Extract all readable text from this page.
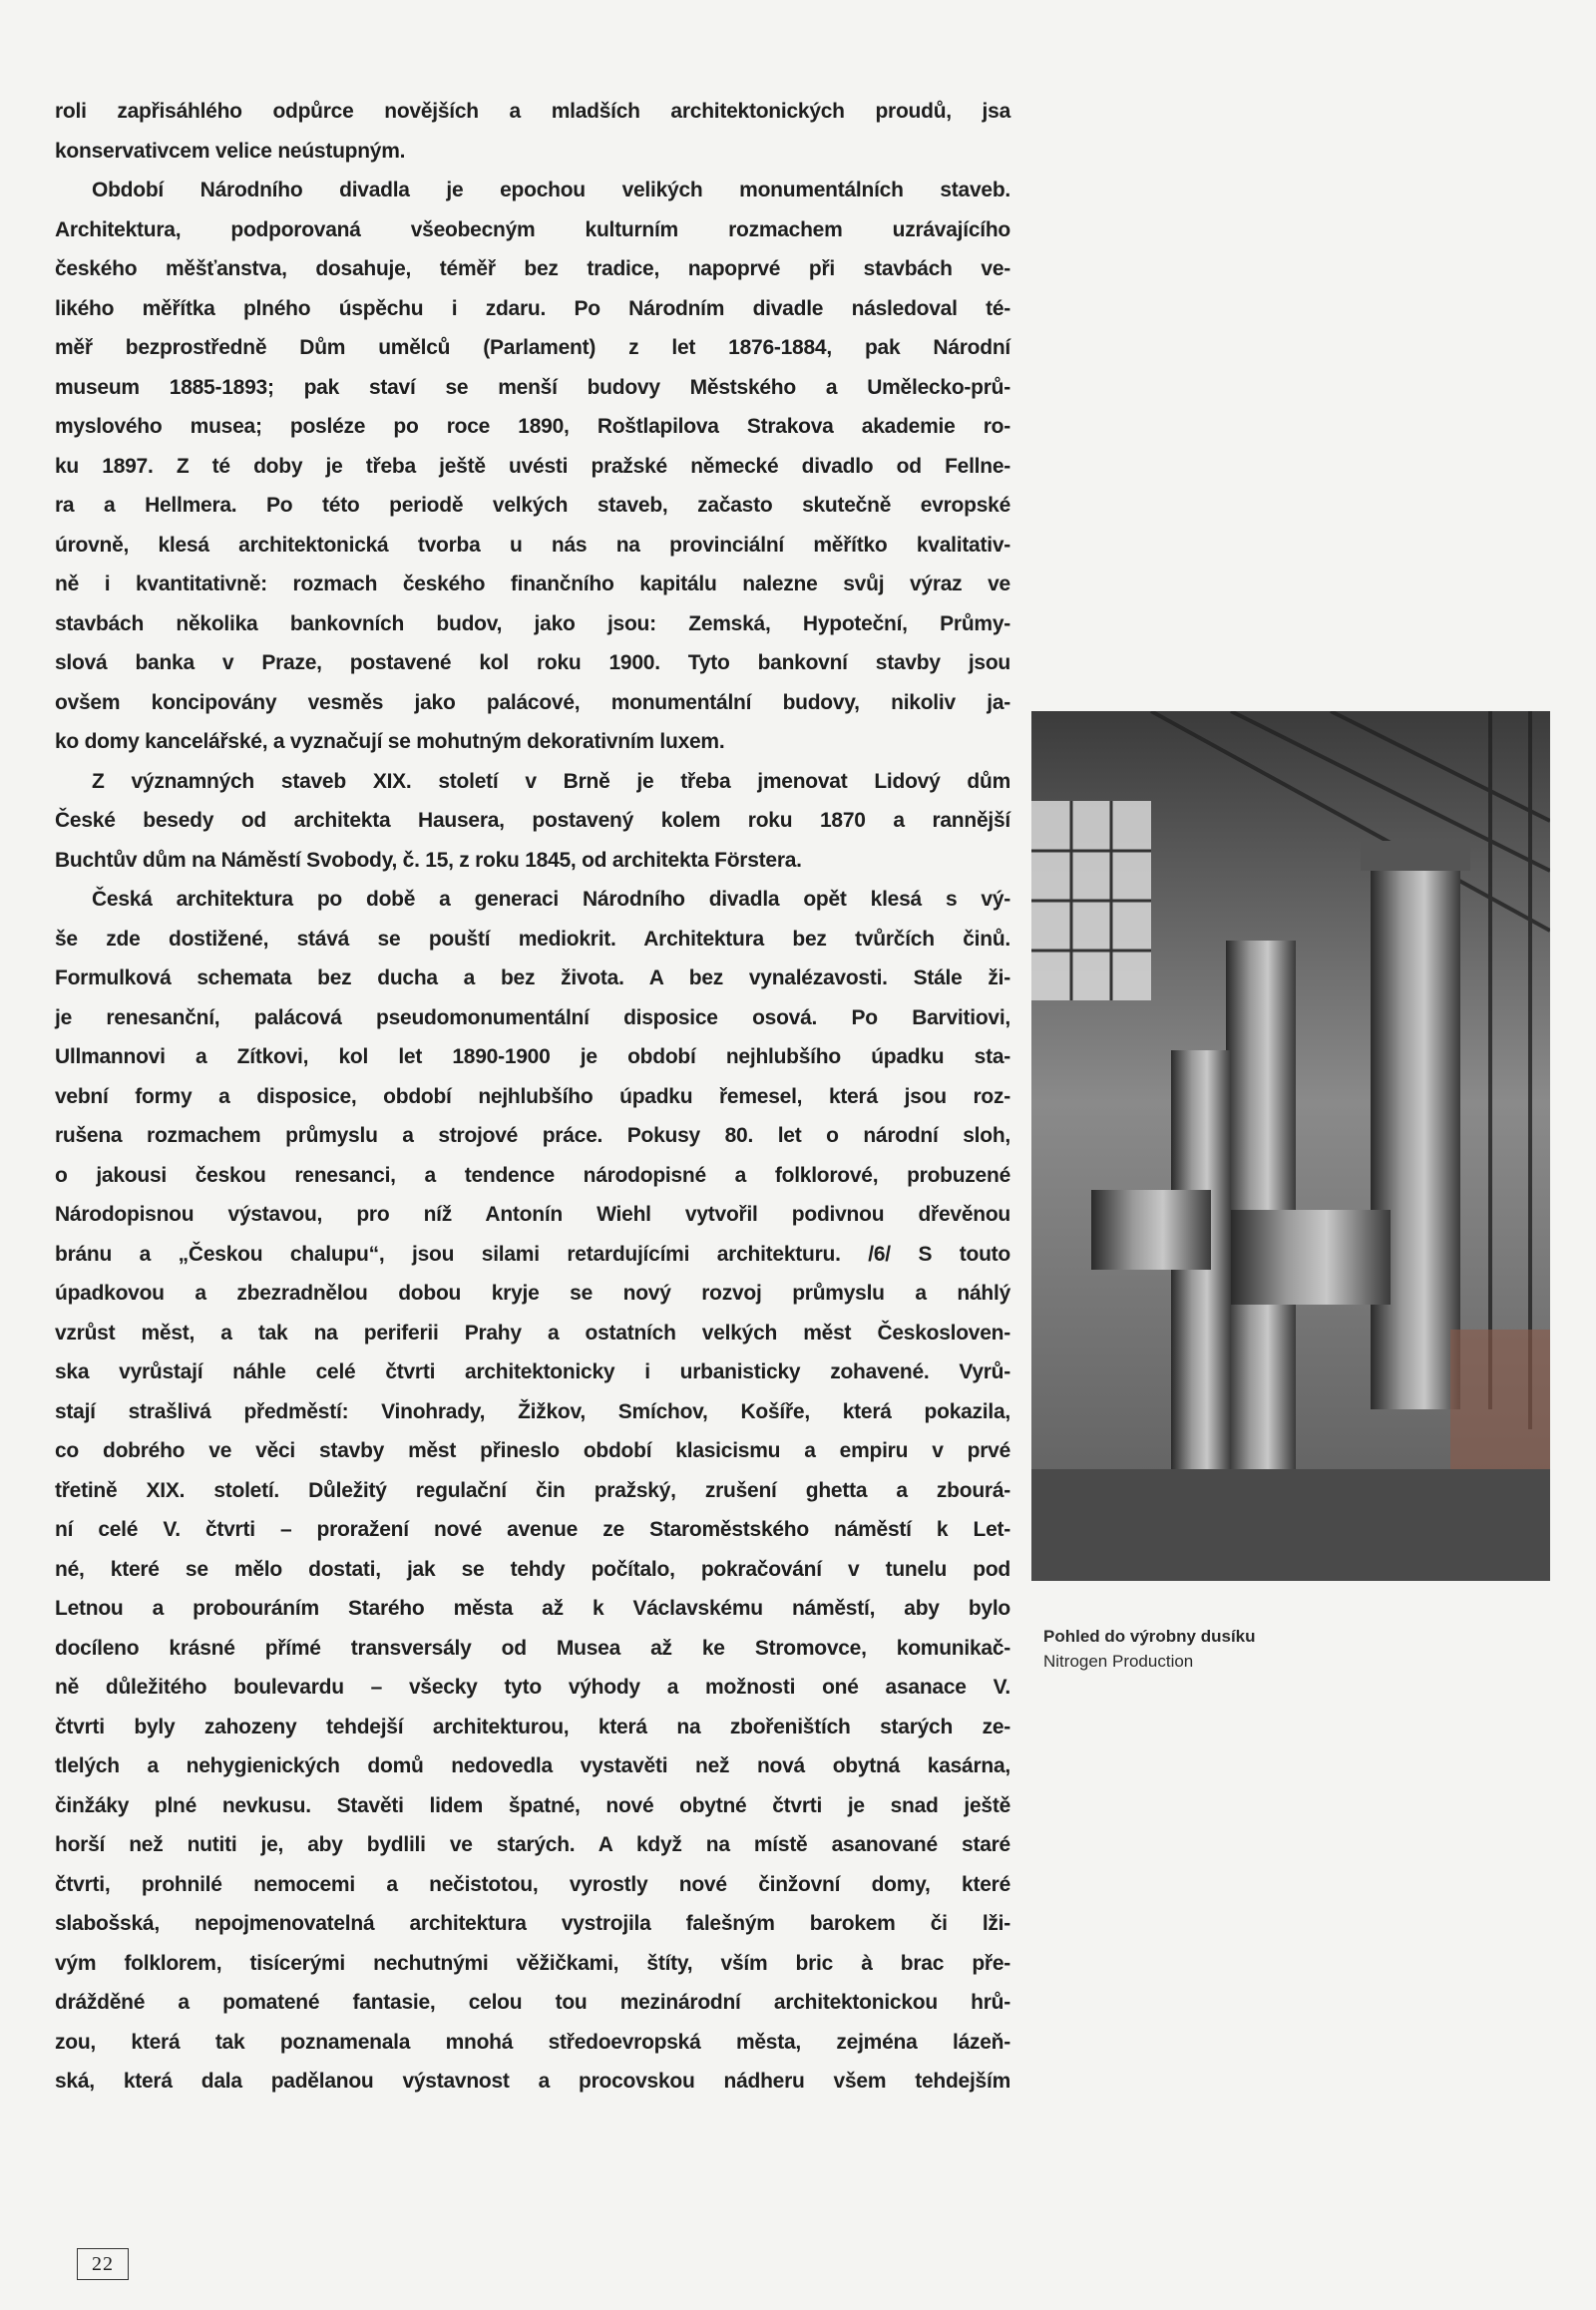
roli zapřisáhlého odpůrce novějších a mladších architektonických proudů, jsa
konservativcem velice neústupným.
Období Národního divadla je epochou velikých monumentálních staveb.
Architektura, podporovaná všeobecným kulturním rozmachem uzrávajícího
českého měšťanstva, dosahuje, téměř bez tradice, napoprvé při stavbách ve-
likého měřítka plného úspěchu i zdaru. Po Národním divadle následoval té-
měř bezprostředně Dům umělců (Parlament) z let 1876-1884, pak Národní
museum 1885-1893; pak staví se menší budovy Městského a Umělecko-prů-
myslového musea; posléze po roce 1890, Roštlapilova Strakova akademie ro-
ku 1897. Z té doby je třeba ještě uvésti pražské německé divadlo od Fellne-
ra a Hellmera. Po této periodě velkých staveb, začasto skutečně evropské
úrovně, klesá architektonická tvorba u nás na provinciální měřítko kvalitativ-
ně i kvantitativně: rozmach českého finančního kapitálu nalezne svůj výraz ve
stavbách několika bankovních budov, jako jsou: Zemská, Hypoteční, Průmy-
slová banka v Praze, postavené kol roku 1900. Tyto bankovní stavby jsou
ovšem koncipovány vesměs jako palácové, monumentální budovy, nikoliv ja-
ko domy kancelářské, a vyznačují se mohutným dekorativním luxem.
Z významných staveb XIX. století v Brně je třeba jmenovat Lidový dům
České besedy od architekta Hausera, postavený kolem roku 1870 a rannější
Buchtův dům na Náměstí Svobody, č. 15, z roku 1845, od architekta Förstera.
Česká architektura po době a generaci Národního divadla opět klesá s vý-
še zde dostižené, stává se pouští mediokrit. Architektura bez tvůrčích činů.
Formulková schemata bez ducha a bez života. A bez vynalézavosti. Stále ži-
je renesanční, palácová pseudomonumentální disposice osová. Po Barvitiovi,
Ullmannovi a Zítkovi, kol let 1890-1900 je období nejhlubšího úpadku sta-
vební formy a disposice, období nejhlubšího úpadku řemesel, která jsou roz-
rušena rozmachem průmyslu a strojové práce. Pokusy 80. let o národní sloh,
o jakousi českou renesanci, a tendence národopisné a folklorové, probuzené
Národopisnou výstavou, pro níž Antonín Wiehl vytvořil podivnou dřevěnou
bránu a „Českou chalupu“, jsou silami retardujícími architekturu. /6/ S touto
úpadkovou a zbezradnělou dobou kryje se nový rozvoj průmyslu a náhlý
vzrůst měst, a tak na periferii Prahy a ostatních velkých měst Českosloven-
ska vyrůstají náhle celé čtvrti architektonicky i urbanisticky zohavené. Vyrů-
stají strašlivá předměstí: Vinohrady, Žižkov, Smíchov, Košíře, která pokazila,
co dobrého ve věci stavby měst přineslo období klasicismu a empiru v prvé
třetině XIX. století. Důležitý regulační čin pražský, zrušení ghetta a zbourá-
ní celé V. čtvrti – proražení nové avenue ze Staroměstského náměstí k Let-
né, které se mělo dostati, jak se tehdy počítalo, pokračování v tunelu pod
Letnou a probouráním Starého města až k Václavskému náměstí, aby bylo
docíleno krásné přímé transversály od Musea až ke Stromovce, komunikač-
ně důležitého boulevardu – všecky tyto výhody a možnosti oné asanace V.
čtvrti byly zahozeny tehdejší architekturou, která na zbořeništích starých ze-
tlelých a nehygienických domů nedovedla vystavěti než nová obytná kasárna,
činžáky plné nevkusu. Stavěti lidem špatné, nové obytné čtvrti je snad ještě
horší než nutiti je, aby bydlili ve starých. A když na místě asanované staré
čtvrti, prohnilé nemocemi a nečistotou, vyrostly nové činžovní domy, které
slabošská, nepojmenovatelná architektura vystrojila falešným barokem či lži-
vým folklorem, tisícerými nechutnými věžičkami, štíty, vším bric à brac pře-
drážděné a pomatené fantasie, celou tou mezinárodní architektonickou hrů-
zou, která tak poznamenala mnohá středoevropská města, zejména lázeň-
ská, která dala padělanou výstavnost a procovskou nádheru všem tehdejším
Pohled do výrobny dusíku
Nitrogen Production
22
